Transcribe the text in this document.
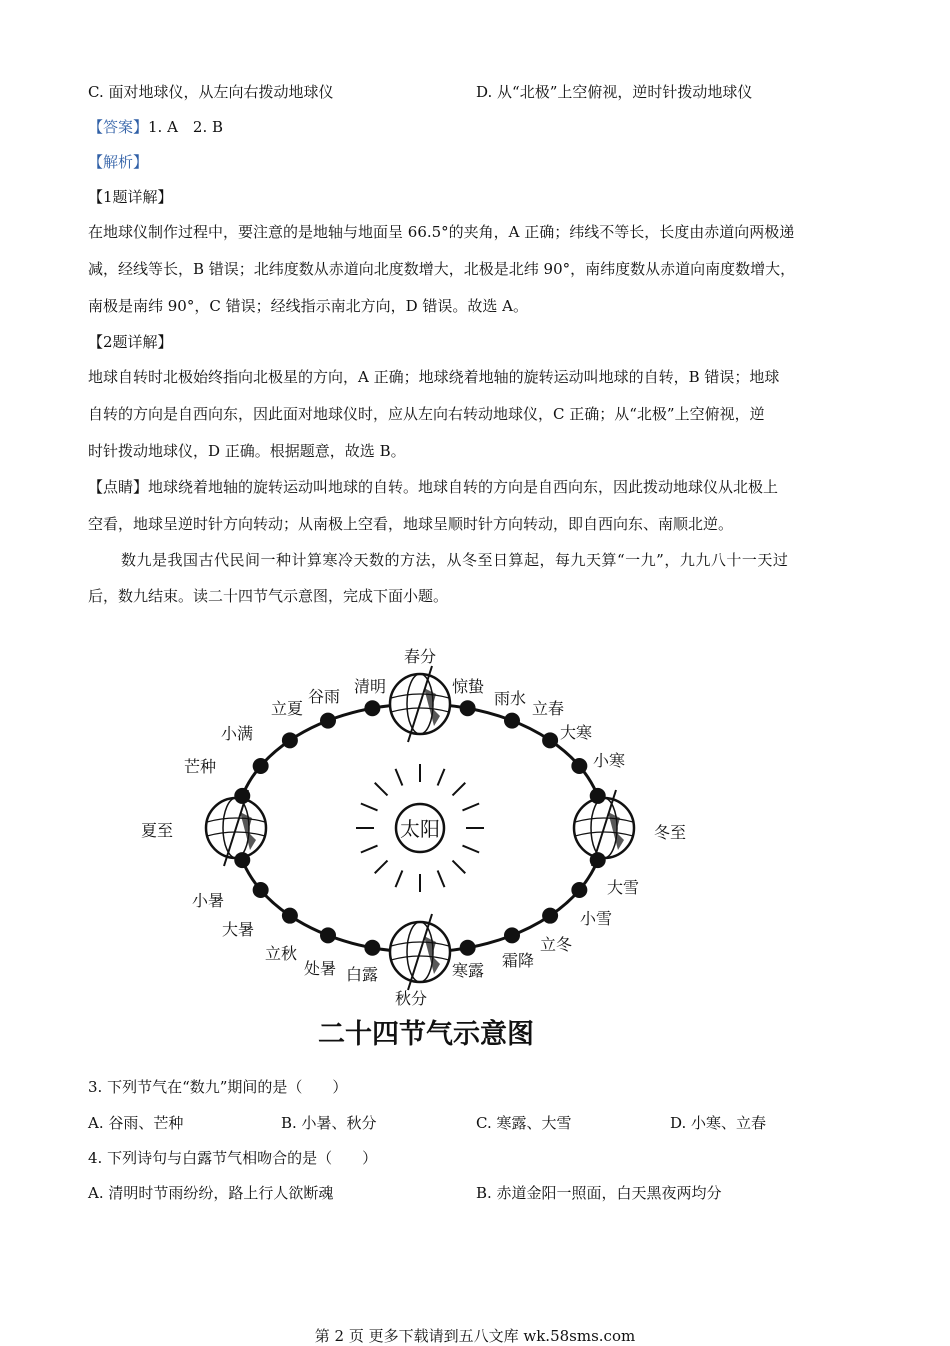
C. 面对地球仪，从左向右拨动地球仪	D. 从“北极”上空俯视，逆时针拨动地球仪
【答案】1. A　2. B
【解析】
【1题详解】
在地球仪制作过程中，要注意的是地轴与地面呈 66.5°的夹角，A 正确；纬线不等长，长度由赤道向两极递
减，经线等长，B 错误；北纬度数从赤道向北度数增大，北极是北纬 90°，南纬度数从赤道向南度数增大，
南极是南纬 90°，C 错误；经线指示南北方向，D 错误。故选 A。
【2题详解】
地球自转时北极始终指向北极星的方向，A 正确；地球绕着地轴的旋转运动叫地球的自转，B 错误；地球
自转的方向是自西向东，因此面对地球仪时，应从左向右转动地球仪，C 正确；从“北极”上空俯视，逆
时针拨动地球仪，D 正确。根据题意，故选 B。
【点睛】地球绕着地轴的旋转运动叫地球的自转。地球自转的方向是自西向东，因此拨动地球仪从北极上
空看，地球呈逆时针方向转动；从南极上空看，地球呈顺时针方向转动，即自西向东、南顺北逆。
数九是我国古代民间一种计算寒冷天数的方法，从冬至日算起，每九天算“一九”，九九八十一天过
后，数九结束。读二十四节气示意图，完成下面小题。
太阳
春分
惊蛰
雨水
立春
大寒
小寒
冬至
大雪
小雪
立冬
霜降
寒露
秋分
白露
处暑
立秋
大暑
小暑
夏至
芒种
小满
立夏
谷雨
清明
二十四节气示意图
3. 下列节气在“数九”期间的是（　　）
A. 谷雨、芒种	B. 小暑、秋分	C. 寒露、大雪	D. 小寒、立春
4. 下列诗句与白露节气相吻合的是（　　）
A. 清明时节雨纷纷，路上行人欲断魂	B. 赤道金阳一照面，白天黑夜两均分
第 2 页 更多下载请到五八文库 wk.58sms.com
